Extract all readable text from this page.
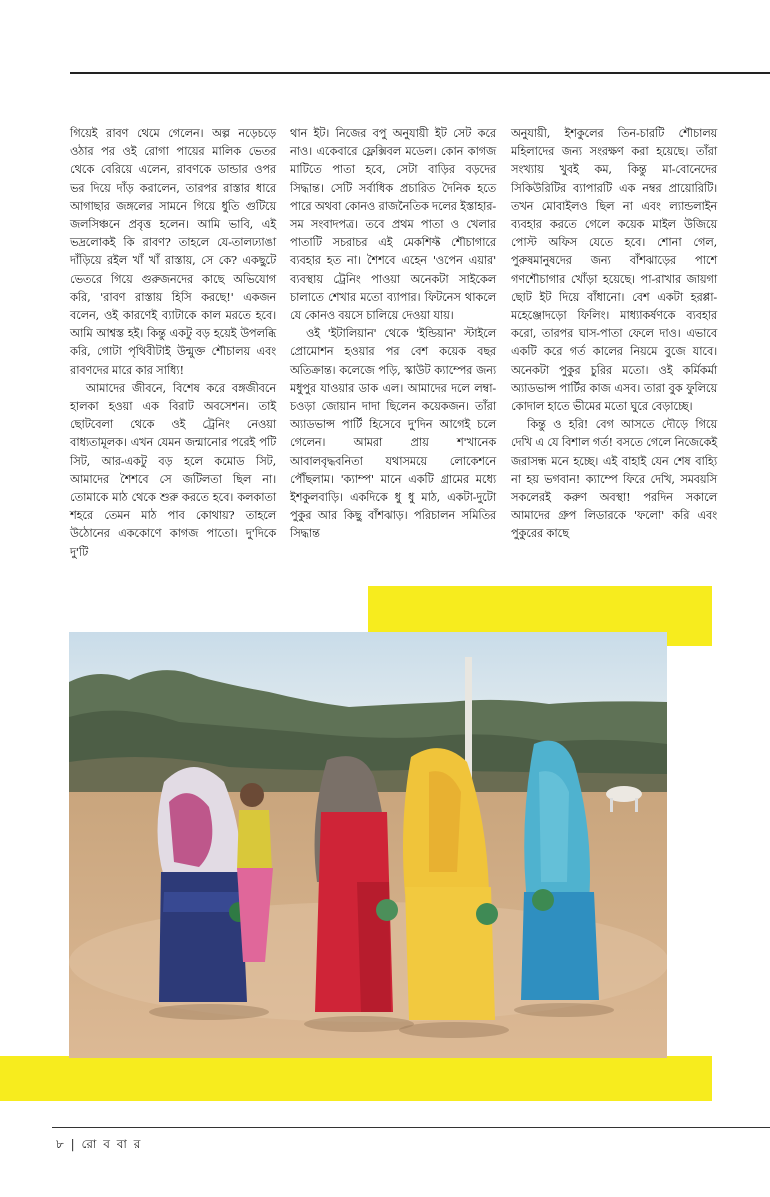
গিয়েই রাবণ থেমে গেলেন। অল্প নড়েচড়ে ওঠার পর ওই রোগা পায়ের মালিক ভেতর থেকে বেরিয়ে এলেন, রাবণকে ডান্ডার ওপর ভর দিয়ে দাঁড় করালেন, তারপর রাস্তার ধারে আগাছার জঙ্গলের সামনে গিয়ে ধুতি গুটিয়ে জলসিঞ্চনে প্রবৃত্ত হলেন। আমি ভাবি, এই ভদ্রলোকই কি রাবণ? তাহলে যে-তালঢ্যাঙা দাঁড়িয়ে রইল খাঁ খাঁ রাস্তায়, সে কে? একছুটে ভেতরে গিয়ে গুরুজনদের কাছে অভিযোগ করি, 'রাবণ রাস্তায় হিসি করছে!' একজন বলেন, ওই কারণেই ব্যাটাকে কাল মরতে হবে। আমি আশ্বস্ত হই। কিন্তু একটু বড় হয়েই উপলব্ধি করি, গোটা পৃথিবীটাই উন্মুক্ত শৌচালয় এবং রাবণদের মারে কার সাধ্যি!

আমাদের জীবনে, বিশেষ করে বঙ্গজীবনে হালকা হওয়া এক বিরাট অবসেশন। তাই ছোটবেলা থেকে ওই ট্রেনিং নেওয়া বাধ্যতামূলক। এখন যেমন জন্মানোর পরেই পটি সিট, আর-একটু বড় হলে কমোড সিট, আমাদের শৈশবে সে জটিলতা ছিল না। তোমাকে মাঠ থেকে শুরু করতে হবে। কলকাতা শহরে তেমন মাঠ পাব কোথায়? তাহলে উঠোনের এককোণে কাগজ পাতো। দু'দিকে দু'টি

থান ইট। নিজের বপু অনুযায়ী ইট সেট করে নাও। একেবারে ফ্লেক্সিবল মডেল। কোন কাগজ মাটিতে পাতা হবে, সেটা বাড়ির বড়দের সিদ্ধান্ত। সেটি সর্বাধিক প্রচারিত দৈনিক হতে পারে অথবা কোনও রাজনৈতিক দলের ইস্তাহার-সম সংবাদপত্র। তবে প্রথম পাতা ও খেলার পাতাটি সচরাচর এই মেকশিফ্ট শৌচাগারে ব্যবহার হত না। শৈশবে এহেন 'ওপেন এয়ার' ব্যবস্থায় ট্রেনিং পাওয়া অনেকটা সাইকেল চালাতে শেখার মতো ব্যাপার। ফিটনেস থাকলে যে কোনও বয়সে চালিয়ে দেওয়া যায়।

ওই 'ইটালিয়ান' থেকে 'ইন্ডিয়ান' স্টাইলে প্রোমোশন হওয়ার পর বেশ কয়েক বছর অতিক্রান্ত। কলেজে পড়ি, স্কাউট ক্যাম্পের জন্য মধুপুর যাওয়ার ডাক এল। আমাদের দলে লম্বা-চওড়া জোয়ান দাদা ছিলেন কয়েকজন। তাঁরা অ্যাডভান্স পার্টি হিসেবে দু'দিন আগেই চলে গেলেন। আমরা প্রায় শ'খানেক আবালবৃদ্ধবনিতা যথাসময়ে লোকেশনে পৌঁছলাম। 'ক্যাম্প' মানে একটি গ্রামের মধ্যে ইশকুলবাড়ি। একদিকে ধু ধু মাঠ, একটা-দুটো পুকুর আর কিছু বাঁশঝাড়। পরিচালন সমিতির সিদ্ধান্ত

অনুযায়ী, ইশকুলের তিন-চারটি শৌচালয় মহিলাদের জন্য সংরক্ষণ করা হয়েছে। তাঁরা সংখ্যায় খুবই কম, কিন্তু মা-বোনেদের সিকিউরিটির ব্যাপারটি এক নম্বর প্রায়োরিটি। তখন মোবাইলও ছিল না এবং ল্যান্ডলাইন ব্যবহার করতে গেলে কয়েক মাইল উজিয়ে পোস্ট অফিস যেতে হবে। শোনা গেল, পুরুষমানুষদের জন্য বাঁশঝাড়ের পাশে গণশৌচাগার খোঁড়া হয়েছে। পা-রাখার জায়গা ছোট ইট দিয়ে বাঁধানো। বেশ একটা হরপ্পা-মহেঞ্জোদড়ো ফিলিং। মাধ্যাকর্ষণকে ব্যবহার করো, তারপর ঘাস-পাতা ফেলে দাও। এভাবে একটি করে গর্ত কালের নিয়মে বুজে যাবে। অনেকটা পুকুর চুরির মতো। ওই কর্মিকর্মা অ্যাডভান্স পার্টির কাজ এসব। তারা বুক ফুলিয়ে কোদাল হাতে ভীমের মতো ঘুরে বেড়াচ্ছে।

কিন্তু ও হরি! বেগ আসতে দৌড়ে গিয়ে দেখি এ যে বিশাল গর্ত! বসতে গেলে নিজেকেই জরাসন্ধ মনে হচ্ছে। এই বাহাই যেন শেষ বাহ্যি না হয় ভগবান! ক্যাম্পে ফিরে দেখি, সমবয়সি সকলেরই করুণ অবস্থা! পরদিন সকালে আমাদের গ্রুপ লিডারকে 'ফলো' করি এবং পুকুরের কাছে

৮ | রো ব বা র
